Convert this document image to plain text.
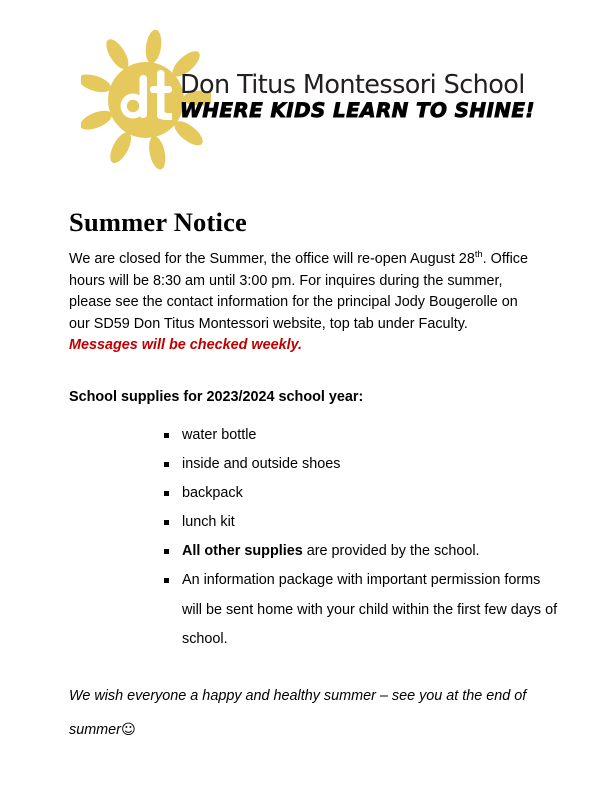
Don Titus Montessori School
WHERE KIDS LEARN TO SHINE!
Summer Notice

We are closed for the Summer, the office will re-open August 28th. Office hours will be 8:30 am until 3:00 pm. For inquires during the summer, please see the contact information for the principal Jody Bougerolle on our SD59 Don Titus Montessori website, top tab under Faculty. Messages will be checked weekly.

School supplies for 2023/2024 school year:
water bottle
inside and outside shoes
backpack
lunch kit
All other supplies are provided by the school.
An information package with important permission forms will be sent home with your child within the first few days of school.

We wish everyone a happy and healthy summer – see you at the end of summer☺
